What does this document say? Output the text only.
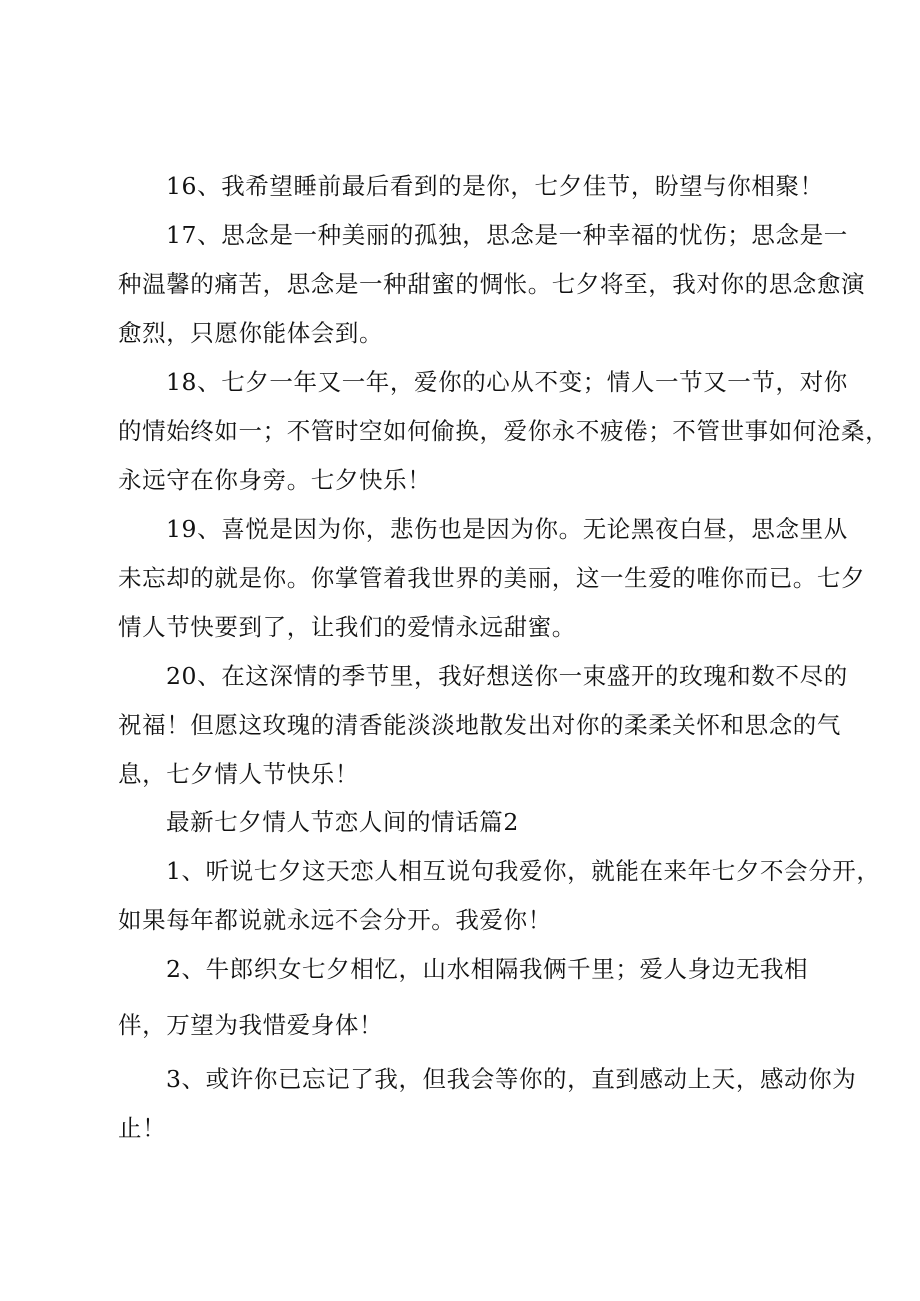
16、我希望睡前最后看到的是你，七夕佳节，盼望与你相聚！
17、思念是一种美丽的孤独，思念是一种幸福的忧伤；思念是一
种温馨的痛苦，思念是一种甜蜜的惆怅。七夕将至，我对你的思念愈演
愈烈，只愿你能体会到。
18、七夕一年又一年，爱你的心从不变；情人一节又一节，对你
的情始终如一；不管时空如何偷换，爱你永不疲倦；不管世事如何沧桑，
永远守在你身旁。七夕快乐！
19、喜悦是因为你，悲伤也是因为你。无论黑夜白昼，思念里从
未忘却的就是你。你掌管着我世界的美丽，这一生爱的唯你而已。七夕
情人节快要到了，让我们的爱情永远甜蜜。
20、在这深情的季节里，我好想送你一束盛开的玫瑰和数不尽的
祝福！但愿这玫瑰的清香能淡淡地散发出对你的柔柔关怀和思念的气
息，七夕情人节快乐！
最新七夕情人节恋人间的情话篇2
1、听说七夕这天恋人相互说句我爱你，就能在来年七夕不会分开，
如果每年都说就永远不会分开。我爱你！
2、牛郎织女七夕相忆，山水相隔我俩千里；爱人身边无我相
伴，万望为我惜爱身体！
3、或许你已忘记了我，但我会等你的，直到感动上天，感动你为
止！
